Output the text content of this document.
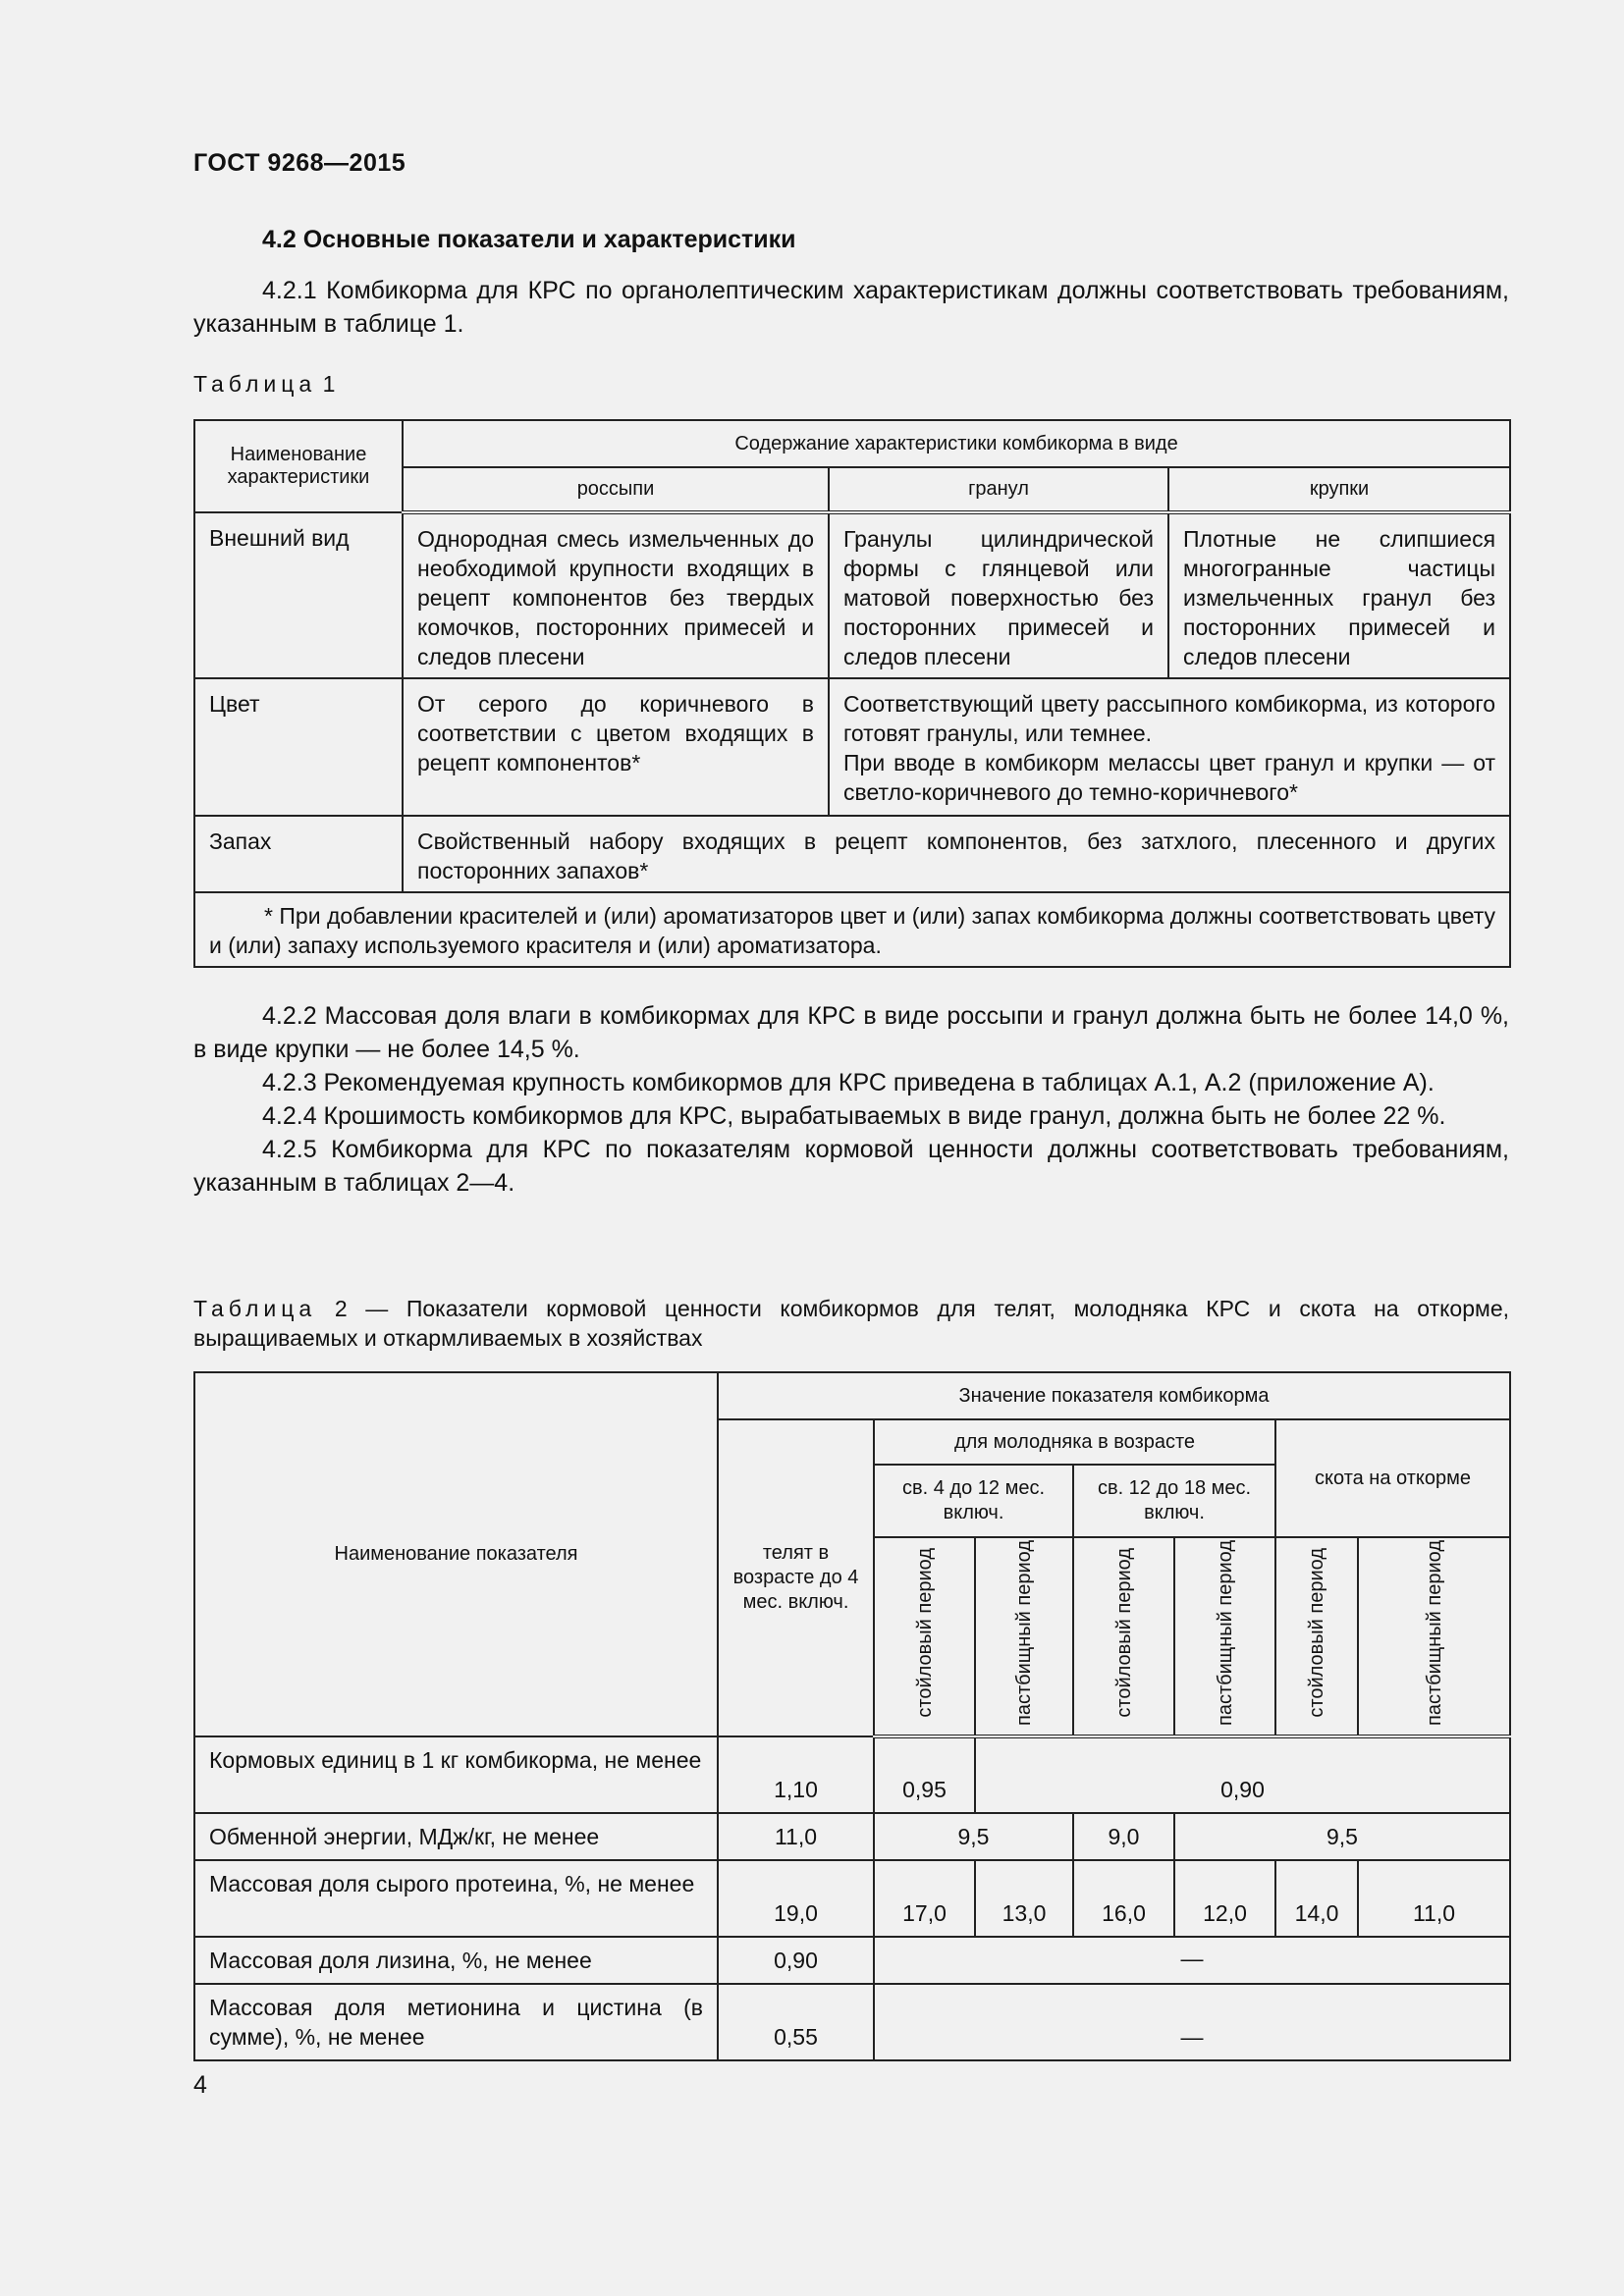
ГОСТ 9268—2015
4.2 Основные показатели и характеристики

4.2.1 Комбикорма для КРС по органолептическим характеристикам должны соответствовать требованиям, указанным в таблице 1.

Таблица 1
Наименование характеристики	Содержание характеристики комбикорма в виде		
	россыпи	гранул	крупки
Внешний вид	Однородная смесь измельченных до необходимой крупности входящих в рецепт компонентов без твердых комочков, посторонних примесей и следов плесени	Гранулы цилиндрической формы с глянцевой или матовой поверхностью без посторонних примесей и следов плесени	Плотные не слипшиеся многогранные частицы измельченных гранул без посторонних примесей и следов плесени
Цвет	От серого до коричневого в соответствии с цветом входящих в рецепт компонентов*	Соответствующий цвету рассыпного комбикорма, из которого готовят гранулы, или темнее.
При вводе в комбикорм мелассы цвет гранул и крупки — от светло-коричневого до темно-коричневого*	

Запах	Свойственный набору входящих в рецепт компонентов, без затхлого, плесенного и других посторонних запахов*		
* При добавлении красителей и (или) ароматизаторов цвет и (или) запах комбикорма должны соответствовать цвету и (или) запаху используемого красителя и (или) ароматизатора.			

4.2.2 Массовая доля влаги в комбикормах для КРС в виде россыпи и гранул должна быть не более 14,0 %, в виде крупки — не более 14,5 %.

4.2.3 Рекомендуемая крупность комбикормов для КРС приведена в таблицах А.1, А.2 (приложение А).

4.2.4 Крошимость комбикормов для КРС, вырабатываемых в виде гранул, должна быть не более 22 %.

4.2.5 Комбикорма для КРС по показателям кормовой ценности должны соответствовать требованиям, указанным в таблицах 2—4.

Таблица 2 — Показатели кормовой ценности комбикормов для телят, молодняка КРС и скота на откорме, выращиваемых и откармливаемых в хозяйствах
Наименование показателя	Значение показателя комбикорма						
	телят в возрасте до 4 мес. включ.	для молодняка в возрасте				скота на откорме	
		св. 4 до 12 мес. включ.		св. 12 до 18 мес. включ.			
		стойловый период	пастбищный период	стойловый период	пастбищный период	стойловый период	пастбищный период
Кормовых единиц в 1 кг комбикорма, не менее	1,10	0,95	0,90				
Обменной энергии, МДж/кг, не менее	11,0	9,5		9,0	9,5		
Массовая доля сырого протеина, %, не менее	19,0	17,0	13,0	16,0	12,0	14,0	11,0
Массовая доля лизина, %, не менее	0,90	—					
Массовая доля метионина и цистина (в сумме), %, не менее	0,55	—					
4
